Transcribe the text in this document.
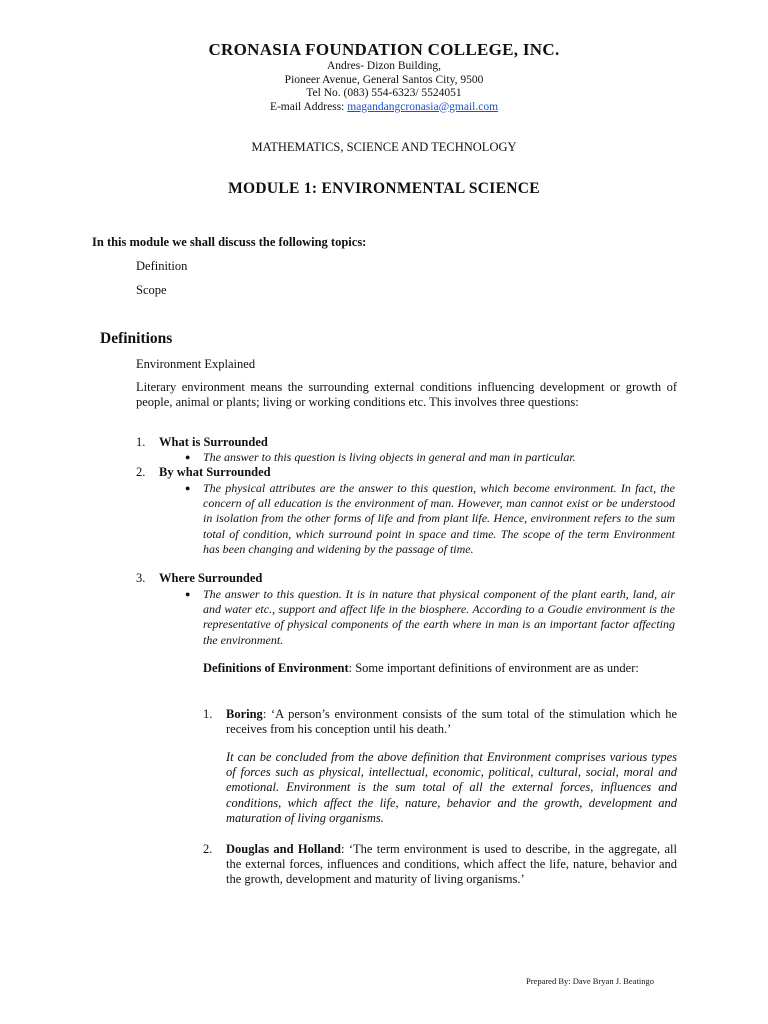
CRONASIA FOUNDATION COLLEGE, INC.
Andres- Dizon Building,
Pioneer Avenue, General Santos City, 9500
Tel No. (083) 554-6323/ 5524051
E-mail Address: magandangcronasia@gmail.com
MATHEMATICS, SCIENCE AND TECHNOLOGY
MODULE 1: ENVIRONMENTAL SCIENCE
In this module we shall discuss the following topics:
Definition
Scope
Definitions
Environment Explained
Literary environment means the surrounding external conditions influencing development or growth of people, animal or plants; living or working conditions etc. This involves three questions:
1. What is Surrounded
● The answer to this question is living objects in general and man in particular.
2. By what Surrounded
● The physical attributes are the answer to this question, which become environment. In fact, the concern of all education is the environment of man. However, man cannot exist or be understood in isolation from the other forms of life and from plant life. Hence, environment refers to the sum total of condition, which surround point in space and time. The scope of the term Environment has been changing and widening by the passage of time.
3. Where Surrounded
● The answer to this question. It is in nature that physical component of the plant earth, land, air and water etc., support and affect life in the biosphere. According to a Goudie environment is the representative of physical components of the earth where in man is an important factor affecting the environment.
Definitions of Environment: Some important definitions of environment are as under:
1. Boring: ‘A person’s environment consists of the sum total of the stimulation which he receives from his conception until his death.’
It can be concluded from the above definition that Environment comprises various types of forces such as physical, intellectual, economic, political, cultural, social, moral and emotional. Environment is the sum total of all the external forces, influences and conditions, which affect the life, nature, behavior and the growth, development and maturation of living organisms.
2. Douglas and Holland: ‘The term environment is used to describe, in the aggregate, all the external forces, influences and conditions, which affect the life, nature, behavior and the growth, development and maturity of living organisms.’
Prepared By: Dave Bryan J. Beatingo
